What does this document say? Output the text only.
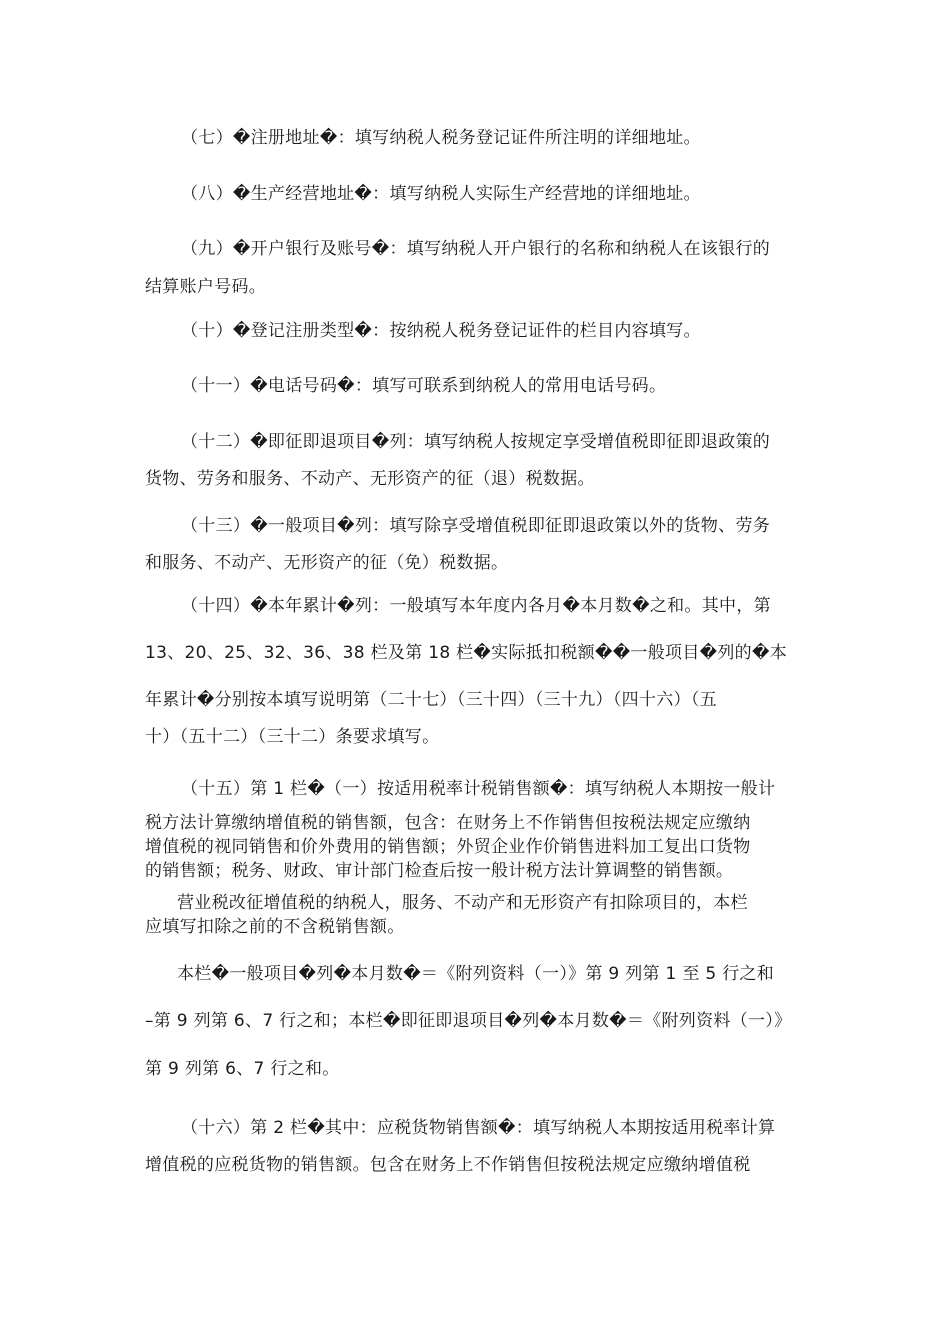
（七）�注册地址�：填写纳税人税务登记证件所注明的详细地址。

（八）�生产经营地址�：填写纳税人实际生产经营地的详细地址。

（九）�开户银行及账号�：填写纳税人开户银行的名称和纳税人在该银行的
结算账户号码。

（十）�登记注册类型�：按纳税人税务登记证件的栏目内容填写。

（十一）�电话号码�：填写可联系到纳税人的常用电话号码。

（十二）�即征即退项目�列：填写纳税人按规定享受增值税即征即退政策的
货物、劳务和服务、不动产、无形资产的征（退）税数据。

（十三）�一般项目�列：填写除享受增值税即征即退政策以外的货物、劳务
和服务、不动产、无形资产的征（免）税数据。

（十四）�本年累计�列：一般填写本年度内各月�本月数�之和。其中，第
13、20、25、32、36、38 栏及第 18 栏�实际抵扣税额��一般项目�列的�本
年累计�分别按本填写说明第（二十七）（三十四）（三十九）（四十六）（五
十）（五十二）（三十二）条要求填写。

（十五）第 1 栏�（一）按适用税率计税销售额�：填写纳税人本期按一般计
税方法计算缴纳增值税的销售额，包含：在财务上不作销售但按税法规定应缴纳
增值税的视同销售和价外费用的销售额；外贸企业作价销售进料加工复出口货物
的销售额；税务、财政、审计部门检查后按一般计税方法计算调整的销售额。

营业税改征增值税的纳税人，服务、不动产和无形资产有扣除项目的，本栏
应填写扣除之前的不含税销售额。

本栏�一般项目�列�本月数�＝《附列资料（一）》第 9 列第 1 至 5 行之和
–第 9 列第 6、7 行之和；本栏�即征即退项目�列�本月数�＝《附列资料（一）》
第 9 列第 6、7 行之和。

（十六）第 2 栏�其中：应税货物销售额�：填写纳税人本期按适用税率计算
增值税的应税货物的销售额。包含在财务上不作销售但按税法规定应缴纳增值税
